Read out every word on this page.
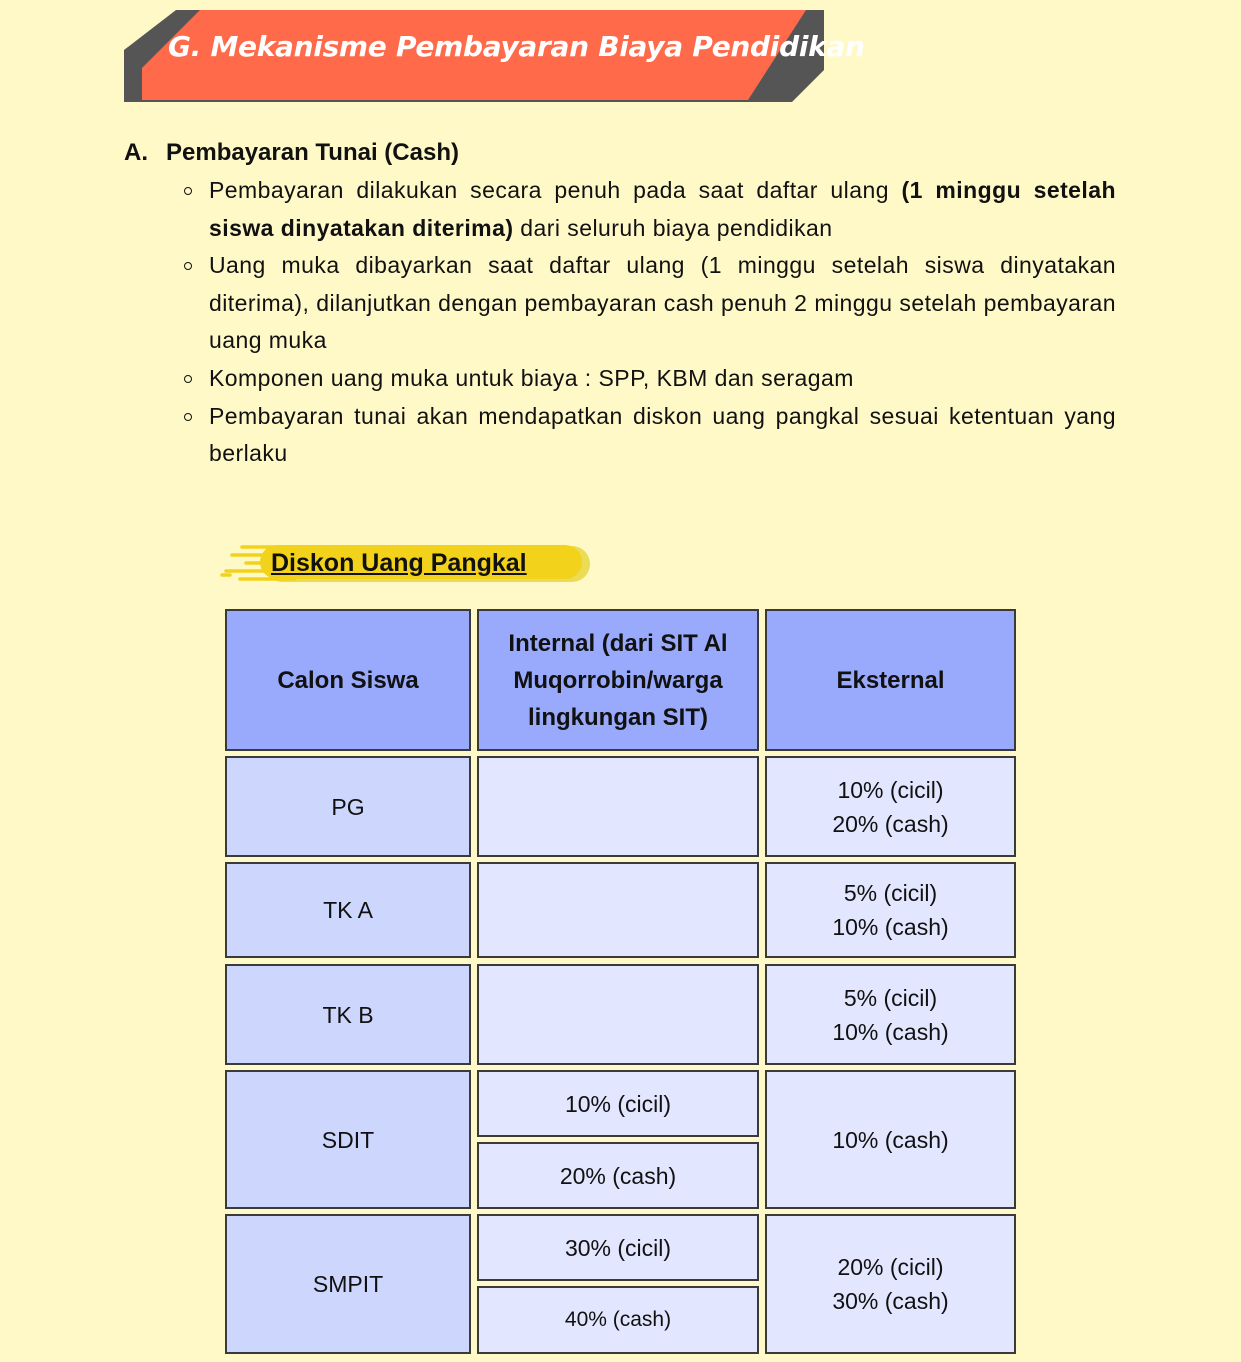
G. Mekanisme Pembayaran Biaya Pendidikan
A. Pembayaran Tunai (Cash)
Pembayaran dilakukan secara penuh pada saat daftar ulang (1 minggu setelah siswa dinyatakan diterima) dari seluruh biaya pendidikan
Uang muka dibayarkan saat daftar ulang (1 minggu setelah siswa dinyatakan diterima), dilanjutkan dengan pembayaran cash penuh 2 minggu setelah pembayaran uang muka
Komponen uang muka untuk biaya : SPP, KBM dan seragam
Pembayaran tunai akan mendapatkan diskon uang pangkal sesuai ketentuan yang berlaku
Diskon Uang Pangkal
Calon Siswa
Internal (dari SIT Al Muqorrobin/warga lingkungan SIT)
Eksternal
PG
10% (cicil)
20% (cash)
TK A
5% (cicil)
10% (cash)
TK B
5% (cicil)
10% (cash)
SDIT
10% (cicil)
20% (cash)
10% (cash)
SMPIT
30% (cicil)
40% (cash)
20% (cicil)
30% (cash)
